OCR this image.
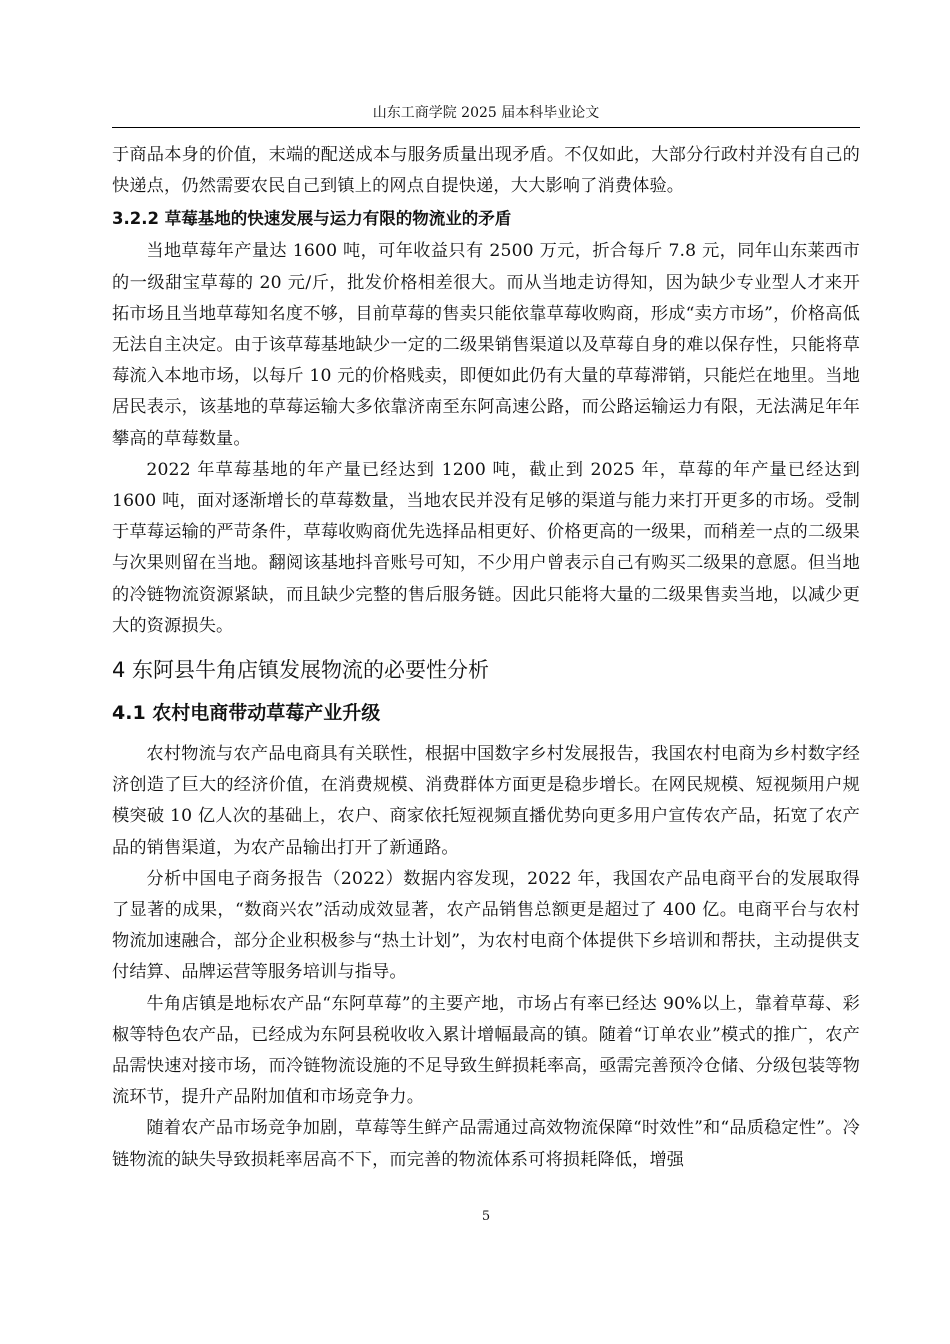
山东工商学院 2025 届本科毕业论文

于商品本身的价值，末端的配送成本与服务质量出现矛盾。不仅如此，大部分行政村并没有自己的快递点，仍然需要农民自己到镇上的网点自提快递，大大影响了消费体验。

3.2.2 草莓基地的快速发展与运力有限的物流业的矛盾

当地草莓年产量达 1600 吨，可年收益只有 2500 万元，折合每斤 7.8 元，同年山东莱西市的一级甜宝草莓的 20 元/斤，批发价格相差很大。而从当地走访得知，因为缺少专业型人才来开拓市场且当地草莓知名度不够，目前草莓的售卖只能依靠草莓收购商，形成“卖方市场”，价格高低无法自主决定。由于该草莓基地缺少一定的二级果销售渠道以及草莓自身的难以保存性，只能将草莓流入本地市场，以每斤 10 元的价格贱卖，即便如此仍有大量的草莓滞销，只能烂在地里。当地居民表示，该基地的草莓运输大多依靠济南至东阿高速公路，而公路运输运力有限，无法满足年年攀高的草莓数量。

2022 年草莓基地的年产量已经达到 1200 吨，截止到 2025 年，草莓的年产量已经达到 1600 吨，面对逐渐增长的草莓数量，当地农民并没有足够的渠道与能力来打开更多的市场。受制于草莓运输的严苛条件，草莓收购商优先选择品相更好、价格更高的一级果，而稍差一点的二级果与次果则留在当地。翻阅该基地抖音账号可知，不少用户曾表示自己有购买二级果的意愿。但当地的冷链物流资源紧缺，而且缺少完整的售后服务链。因此只能将大量的二级果售卖当地，以减少更大的资源损失。

4 东阿县牛角店镇发展物流的必要性分析
4.1 农村电商带动草莓产业升级

农村物流与农产品电商具有关联性，根据中国数字乡村发展报告，我国农村电商为乡村数字经济创造了巨大的经济价值，在消费规模、消费群体方面更是稳步增长。在网民规模、短视频用户规模突破 10 亿人次的基础上，农户、商家依托短视频直播优势向更多用户宣传农产品，拓宽了农产品的销售渠道，为农产品输出打开了新通路。

分析中国电子商务报告（2022）数据内容发现，2022 年，我国农产品电商平台的发展取得了显著的成果，“数商兴农”活动成效显著，农产品销售总额更是超过了 400 亿。电商平台与农村物流加速融合，部分企业积极参与“热土计划”，为农村电商个体提供下乡培训和帮扶，主动提供支付结算、品牌运营等服务培训与指导。

牛角店镇是地标农产品“东阿草莓”的主要产地，市场占有率已经达 90%以上，靠着草莓、彩椒等特色农产品，已经成为东阿县税收收入累计增幅最高的镇。随着“订单农业”模式的推广，农产品需快速对接市场，而冷链物流设施的不足导致生鲜损耗率高，亟需完善预冷仓储、分级包装等物流环节，提升产品附加值和市场竞争力。

随着农产品市场竞争加剧，草莓等生鲜产品需通过高效物流保障“时效性”和“品质稳定性”。冷链物流的缺失导致损耗率居高不下，而完善的物流体系可将损耗降低，增强

5
